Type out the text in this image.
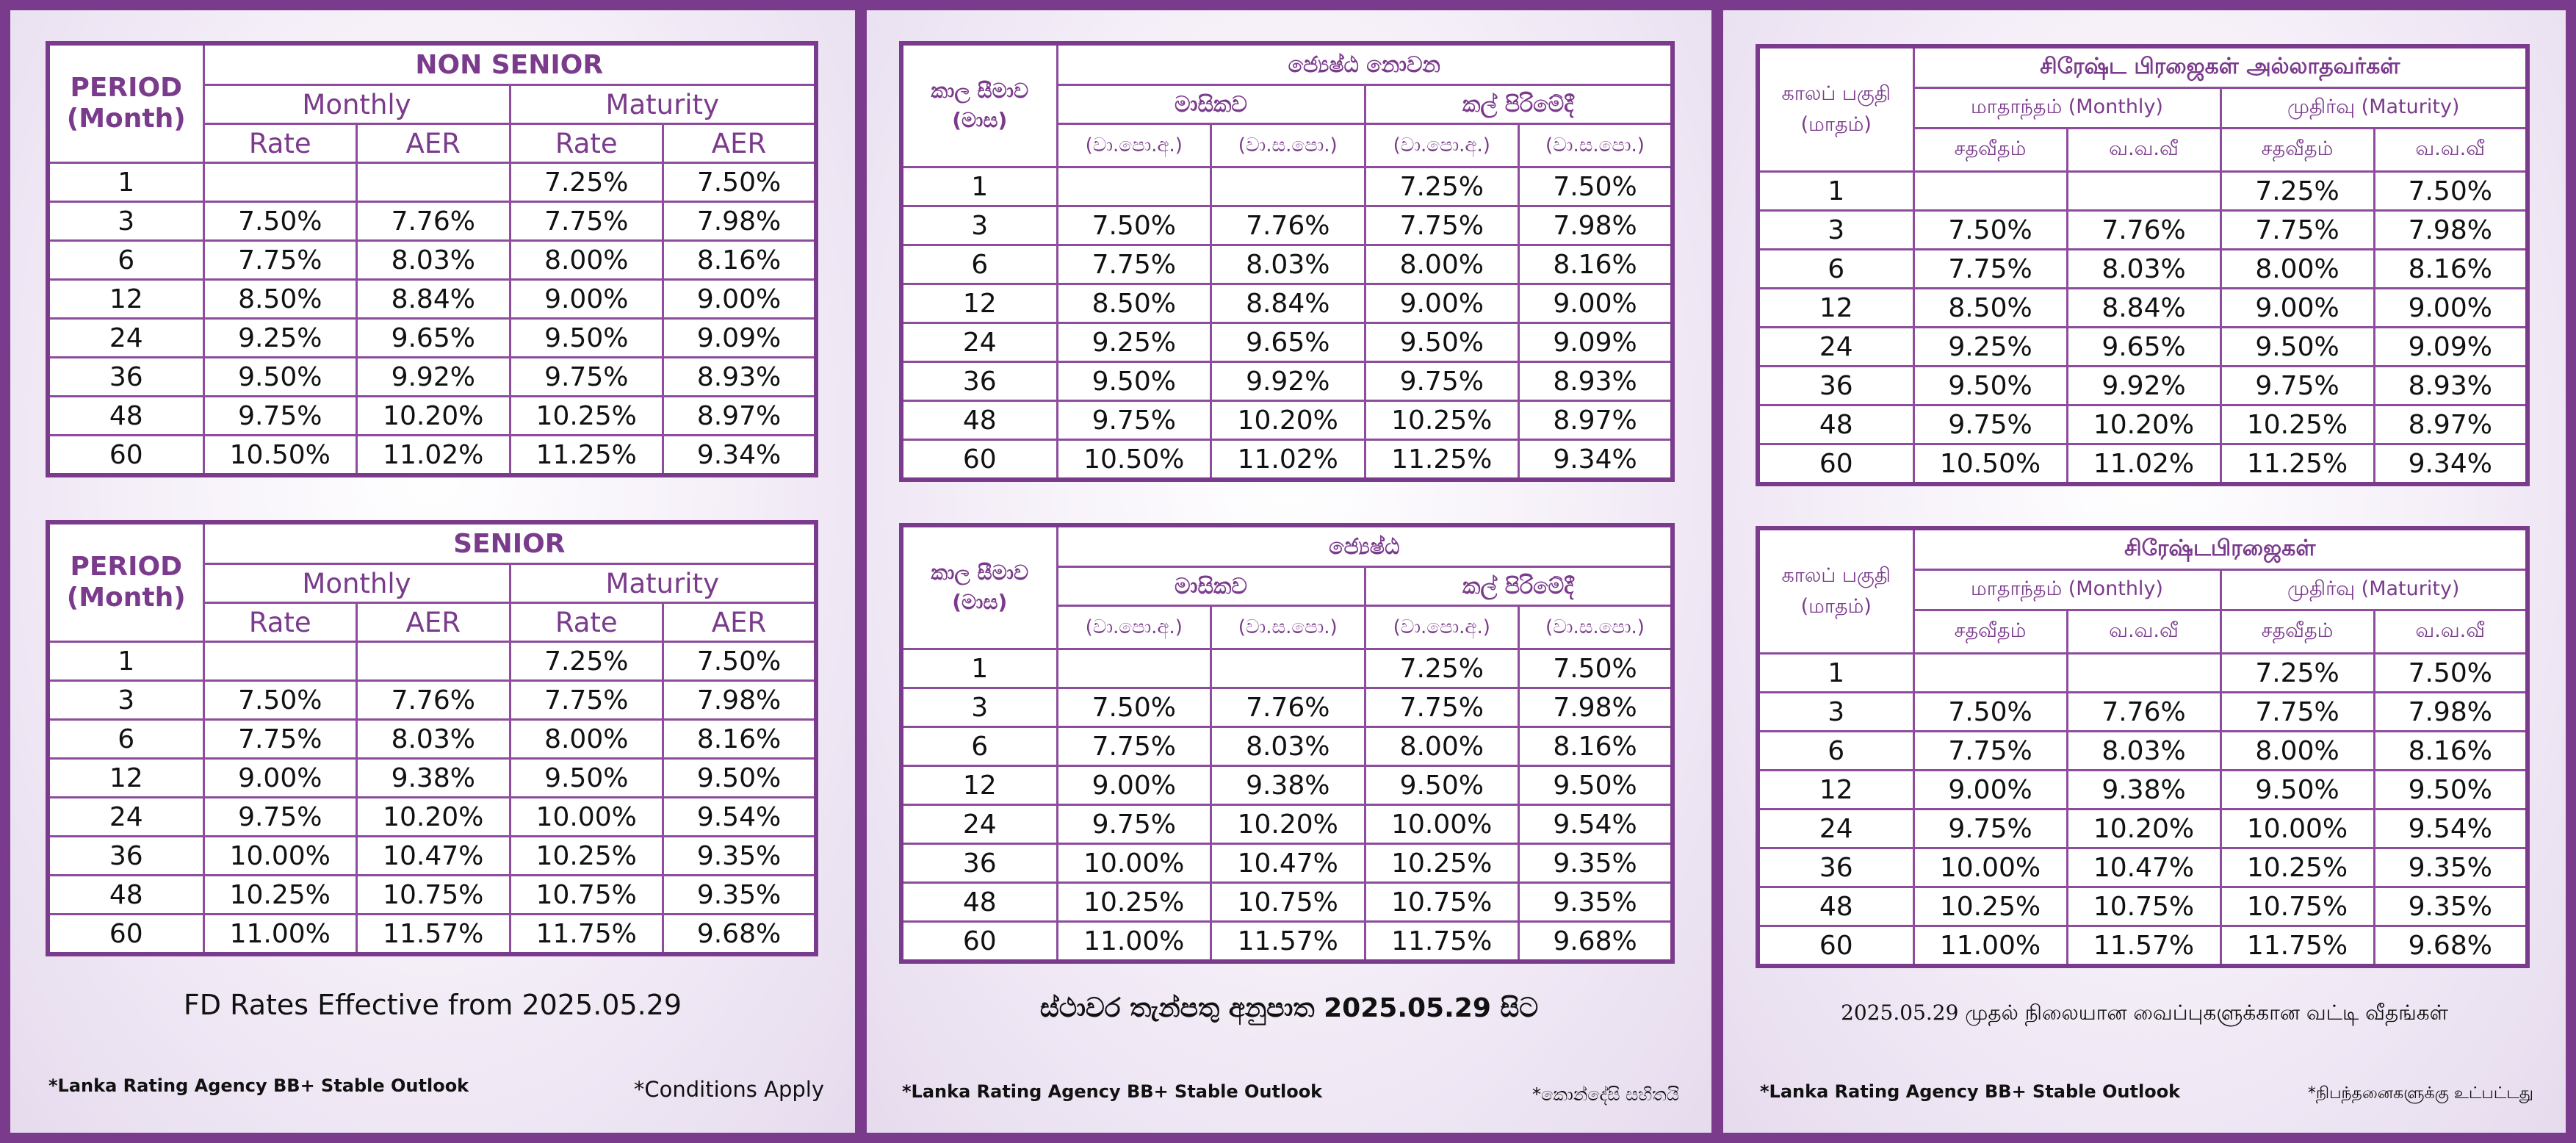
PERIOD
(Month)	NON SENIOR			
	Monthly		Maturity	
	Rate	AER	Rate	AER
1			7.25%	7.50%
3	7.50%	7.76%	7.75%	7.98%
6	7.75%	8.03%	8.00%	8.16%
12	8.50%	8.84%	9.00%	9.00%
24	9.25%	9.65%	9.50%	9.09%
36	9.50%	9.92%	9.75%	8.93%
48	9.75%	10.20%	10.25%	8.97%
60	10.50%	11.02%	11.25%	9.34%
PERIOD
(Month)	SENIOR			
	Monthly		Maturity	
	Rate	AER	Rate	AER
1			7.25%	7.50%
3	7.50%	7.76%	7.75%	7.98%
6	7.75%	8.03%	8.00%	8.16%
12	9.00%	9.38%	9.50%	9.50%
24	9.75%	10.20%	10.00%	9.54%
36	10.00%	10.47%	10.25%	9.35%
48	10.25%	10.75%	10.75%	9.35%
60	11.00%	11.57%	11.75%	9.68%
FD Rates Effective from 2025.05.29
*Lanka Rating Agency BB+ Stable Outlook	*Conditions Apply
කාල සීමාව
(මාස)	ජ්‍යෙෂ්ඨ නොවන			
	මාසිකව		කල් පිරිමේදී	
	(වා.පො.අ.)	(වා.ස.පො.)	(වා.පො.අ.)	(වා.ස.පො.)
1			7.25%	7.50%
3	7.50%	7.76%	7.75%	7.98%
6	7.75%	8.03%	8.00%	8.16%
12	8.50%	8.84%	9.00%	9.00%
24	9.25%	9.65%	9.50%	9.09%
36	9.50%	9.92%	9.75%	8.93%
48	9.75%	10.20%	10.25%	8.97%
60	10.50%	11.02%	11.25%	9.34%
කාල සීමාව
(මාස)	ජ්‍යෙෂ්ඨ			
	මාසිකව		කල් පිරිමේදී	
	(වා.පො.අ.)	(වා.ස.පො.)	(වා.පො.අ.)	(වා.ස.පො.)
1			7.25%	7.50%
3	7.50%	7.76%	7.75%	7.98%
6	7.75%	8.03%	8.00%	8.16%
12	9.00%	9.38%	9.50%	9.50%
24	9.75%	10.20%	10.00%	9.54%
36	10.00%	10.47%	10.25%	9.35%
48	10.25%	10.75%	10.75%	9.35%
60	11.00%	11.57%	11.75%	9.68%
ස්ථාවර තැන්පතු අනුපාත 2025.05.29 සිට
*Lanka Rating Agency BB+ Stable Outlook	*කොන්දේසි සහිතයි
காலப் பகுதி
(மாதம்)	சிரேஷ்ட பிரஜைகள் அல்லாதவர்கள்			
	மாதாந்தம் (Monthly)		முதிர்வு (Maturity)	
	சதவீதம்	வ.வ.வீ	சதவீதம்	வ.வ.வீ
1			7.25%	7.50%
3	7.50%	7.76%	7.75%	7.98%
6	7.75%	8.03%	8.00%	8.16%
12	8.50%	8.84%	9.00%	9.00%
24	9.25%	9.65%	9.50%	9.09%
36	9.50%	9.92%	9.75%	8.93%
48	9.75%	10.20%	10.25%	8.97%
60	10.50%	11.02%	11.25%	9.34%
காலப் பகுதி
(மாதம்)	சிரேஷ்டபிரஜைகள்			
	மாதாந்தம் (Monthly)		முதிர்வு (Maturity)	
	சதவீதம்	வ.வ.வீ	சதவீதம்	வ.வ.வீ
1			7.25%	7.50%
3	7.50%	7.76%	7.75%	7.98%
6	7.75%	8.03%	8.00%	8.16%
12	9.00%	9.38%	9.50%	9.50%
24	9.75%	10.20%	10.00%	9.54%
36	10.00%	10.47%	10.25%	9.35%
48	10.25%	10.75%	10.75%	9.35%
60	11.00%	11.57%	11.75%	9.68%
2025.05.29 முதல் நிலையான வைப்புகளுக்கான வட்டி வீதங்கள்
*Lanka Rating Agency BB+ Stable Outlook	*நிபந்தனைகளுக்கு உட்பட்டது
